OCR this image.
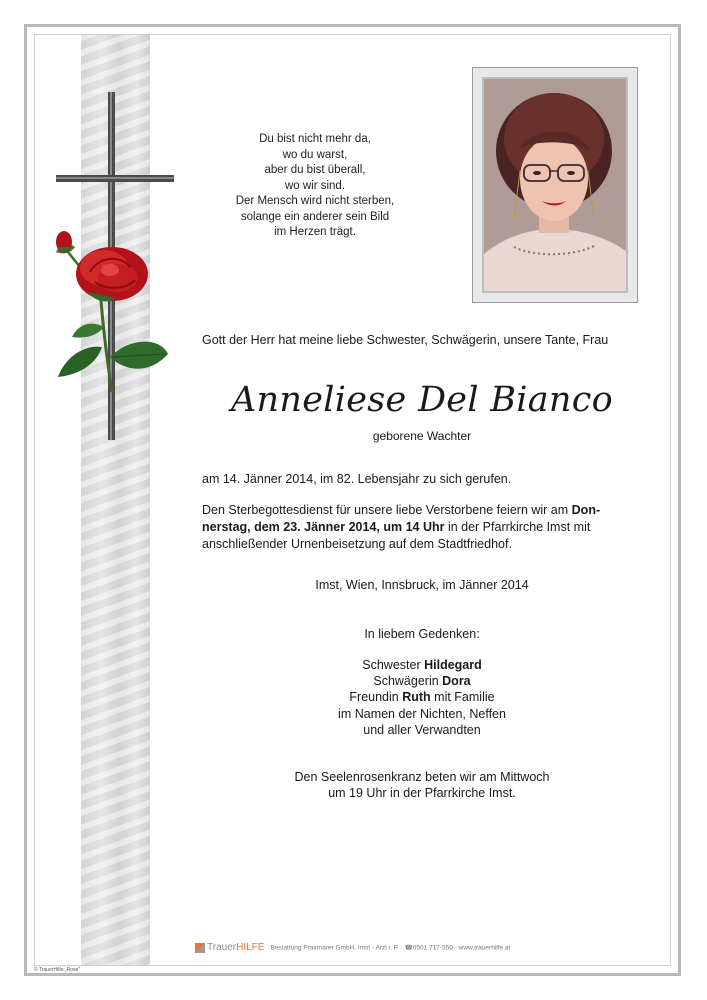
Du bist nicht mehr da,
wo du warst,
aber du bist überall,
wo wir sind.
Der Mensch wird nicht sterben,
solange ein anderer sein Bild
im Herzen trägt.
Gott der Herr hat meine liebe Schwester, Schwägerin, unsere Tante, Frau
Anneliese Del Bianco
geborene Wachter
am 14. Jänner 2014, im 82. Lebensjahr zu sich gerufen.
Den Sterbegottesdienst für unsere liebe Verstorbene feiern wir am Don-
nerstag, dem 23. Jänner 2014, um 14 Uhr in der Pfarrkirche Imst mit
anschließender Urnenbeisetzung auf dem Stadtfriedhof.
Imst, Wien, Innsbruck, im Jänner 2014
In liebem Gedenken:
Schwester Hildegard
Schwägerin Dora
Freundin Ruth mit Familie
im Namen der Nichten, Neffen
und aller Verwandten
Den Seelenrosenkranz beten wir am Mittwoch
um 19 Uhr in der Pfarrkirche Imst.
TrauerHILFE Bestattung Praxmarer GmbH, Imst - Arzl i. P. · ☎0501 717-550 · www.trauerhilfe.at
© TrauerHilfe „Rose"
